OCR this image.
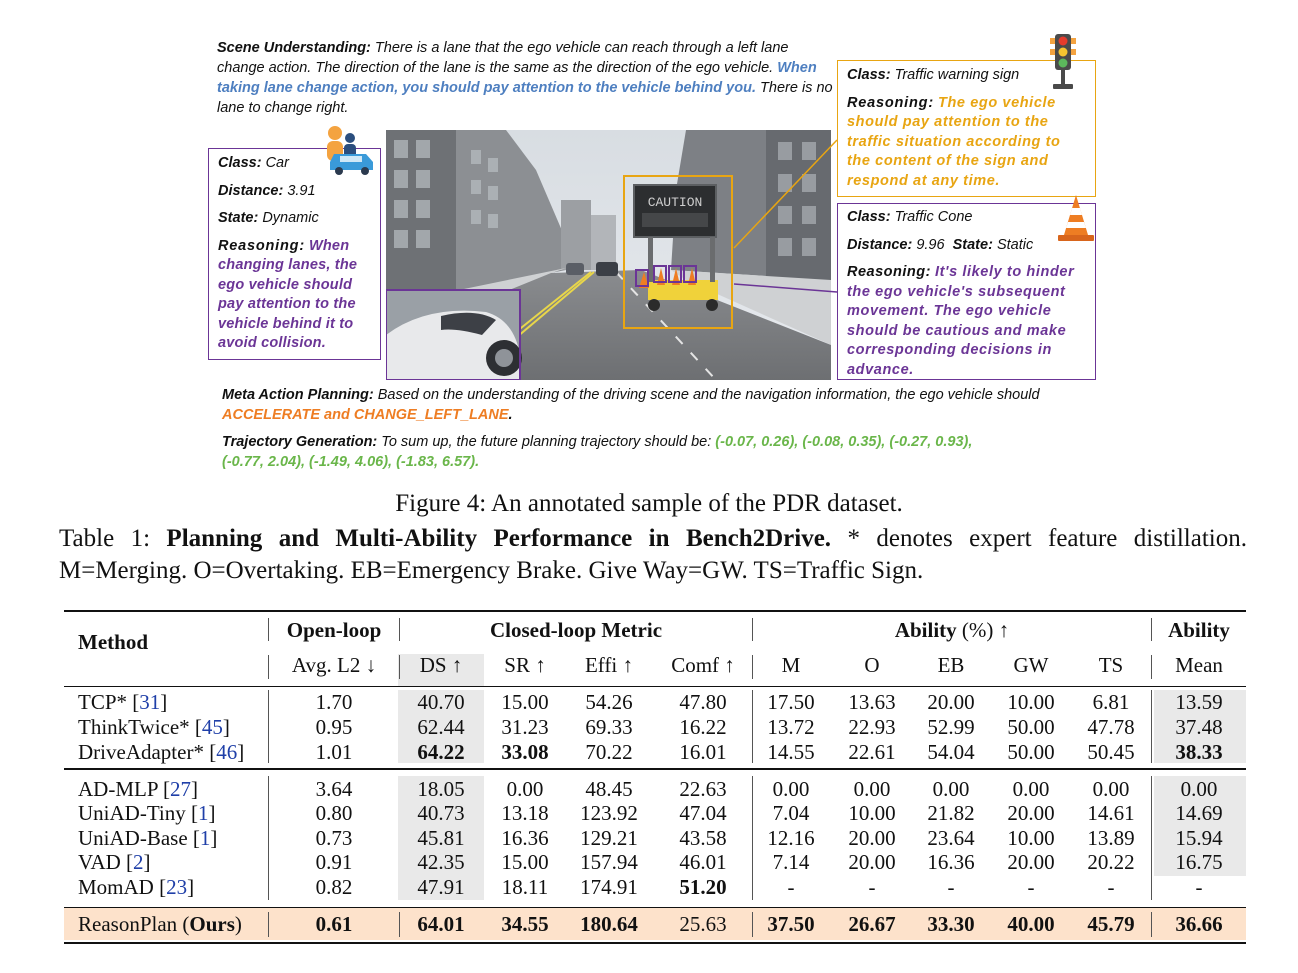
Scene Understanding: There is a lane that the ego vehicle can reach through a left lane change action. The direction of the lane is the same as the direction of the ego vehicle. When taking lane change action, you should pay attention to the vehicle behind you. There is no lane to change right.

Class: Car

Distance: 3.91

State: Dynamic

Reasoning: When changing lanes, the ego vehicle should pay attention to the vehicle behind it to avoid collision.

CAUTION

Class: Traffic warning sign

Reasoning: The ego vehicle should pay attention to the traffic situation according to the content of the sign and respond at any time.

Class: Traffic Cone

Distance: 9.96 State: Static

Reasoning: It's likely to hinder the ego vehicle's subsequent movement. The ego vehicle should be cautious and make corresponding decisions in advance.

Meta Action Planning: Based on the understanding of the driving scene and the navigation information, the ego vehicle should ACCELERATE and CHANGE_LEFT_LANE.
Trajectory Generation: To sum up, the future planning trajectory should be: (-0.07, 0.26), (-0.08, 0.35), (-0.27, 0.93),
(-0.77, 2.04), (-1.49, 4.06), (-1.83, 6.57).
Figure 4: An annotated sample of the PDR dataset.
Table 1: Planning and Multi-Ability Performance in Bench2Drive. * denotes expert feature distillation.
M=Merging. O=Overtaking. EB=Emergency Brake. Give Way=GW. TS=Traffic Sign.
Method	Open-loop	Closed-loop Metric	Ability (%) ↑	Ability
Avg. L2 ↓	DS ↑	SR ↑	Effi ↑	Comf ↑	M	O	EB	GW	TS	Mean
TCP* [31]	1.70	40.70	15.00	54.26	47.80	17.50	13.63	20.00	10.00	6.81	13.59
ThinkTwice* [45]	0.95	62.44	31.23	69.33	16.22	13.72	22.93	52.99	50.00	47.78	37.48
DriveAdapter* [46]	1.01	64.22	33.08	70.22	16.01	14.55	22.61	54.04	50.00	50.45	38.33
AD-MLP [27]	3.64	18.05	0.00	48.45	22.63	0.00	0.00	0.00	0.00	0.00	0.00
UniAD-Tiny [1]	0.80	40.73	13.18	123.92	47.04	7.04	10.00	21.82	20.00	14.61	14.69
UniAD-Base [1]	0.73	45.81	16.36	129.21	43.58	12.16	20.00	23.64	10.00	13.89	15.94
VAD [2]	0.91	42.35	15.00	157.94	46.01	7.14	20.00	16.36	20.00	20.22	16.75
MomAD [23]	0.82	47.91	18.11	174.91	51.20	-	-	-	-	-	-
ReasonPlan (Ours)	0.61	64.01	34.55	180.64	25.63	37.50	26.67	33.30	40.00	45.79	36.66
